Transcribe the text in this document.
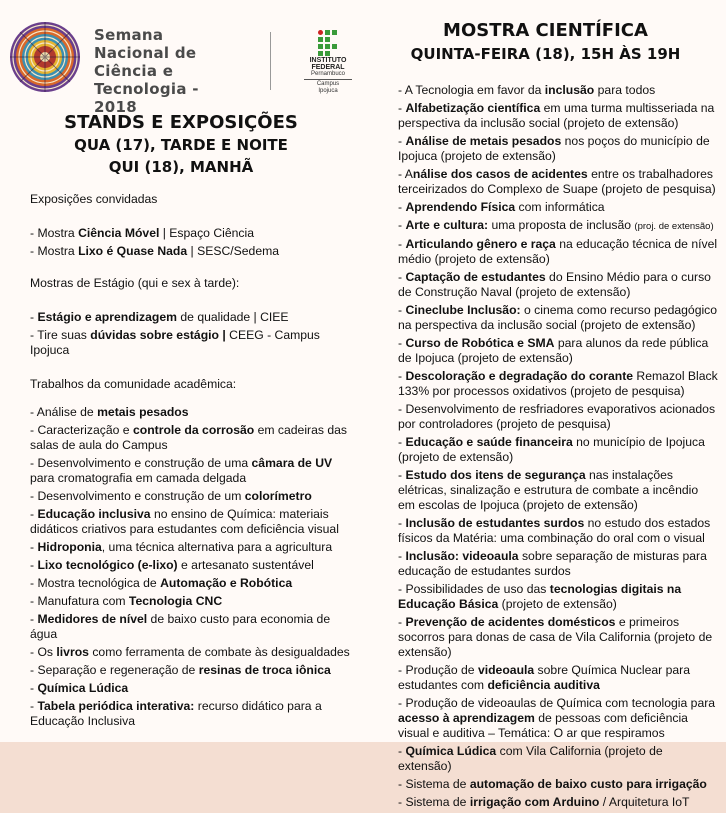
Semana
Nacional de
Ciência e
Tecnologia - 2018
INSTITUTO
FEDERAL
Pernambuco
Campus
Ipojuca
STANDS E EXPOSIÇÕES
QUA (17), TARDE E NOITE
QUI (18), MANHÃ
Exposições convidadas
- Mostra Ciência Móvel | Espaço Ciência
- Mostra Lixo é Quase Nada | SESC/Sedema
Mostras de Estágio (qui e sex à tarde):
- Estágio e aprendizagem de qualidade | CIEE
- Tire suas dúvidas sobre estágio | CEEG - Campus Ipojuca
Trabalhos da comunidade acadêmica:
- Análise de metais pesados
- Caracterização e controle da corrosão em cadeiras das salas de aula do Campus
- Desenvolvimento e construção de uma câmara de UV para cromatografia em camada delgada
- Desenvolvimento e construção de um colorímetro
- Educação inclusiva no ensino de Química: materiais didáticos criativos para estudantes com deficiência visual
- Hidroponia, uma técnica alternativa para a agricultura
- Lixo tecnológico (e-lixo) e artesanato sustentável
- Mostra tecnológica de Automação e Robótica
- Manufatura com Tecnologia CNC
- Medidores de nível de baixo custo para economia de água
- Os livros como ferramenta de combate às desigualdades
- Separação e regeneração de resinas de troca iônica
- Química Lúdica
- Tabela periódica interativa: recurso didático para a Educação Inclusiva
MOSTRA CIENTÍFICA
QUINTA-FEIRA (18), 15H ÀS 19H
- A Tecnologia em favor da inclusão para todos
- Alfabetização científica em uma turma multisseriada na perspectiva da inclusão social (projeto de extensão)
- Análise de metais pesados nos poços do município de Ipojuca (projeto de extensão)
- Análise dos casos de acidentes entre os trabalhadores terceirizados do Complexo de Suape (projeto de pesquisa)
- Aprendendo Física com informática
- Arte e cultura: uma proposta de inclusão (proj. de extensão)
- Articulando gênero e raça na educação técnica de nível médio (projeto de extensão)
- Captação de estudantes do Ensino Médio para o curso de Construção Naval (projeto de extensão)
- Cineclube Inclusão: o cinema como recurso pedagógico na perspectiva da inclusão social (projeto de extensão)
- Curso de Robótica e SMA para alunos da rede pública de Ipojuca (projeto de extensão)
- Descoloração e degradação do corante Remazol Black 133% por processos oxidativos (projeto de pesquisa)
- Desenvolvimento de resfriadores evaporativos acionados por controladores (projeto de pesquisa)
- Educação e saúde financeira no município de Ipojuca (projeto de extensão)
- Estudo dos itens de segurança nas instalações elétricas, sinalização e estrutura de combate a incêndio em escolas de Ipojuca (projeto de extensão)
- Inclusão de estudantes surdos no estudo dos estados físicos da Matéria: uma combinação do oral com o visual
- Inclusão: videoaula sobre separação de misturas para educação de estudantes surdos
- Possibilidades de uso das tecnologias digitais na Educação Básica (projeto de extensão)
- Prevenção de acidentes domésticos e primeiros socorros para donas de casa de Vila California (projeto de extensão)
- Produção de videoaula sobre Química Nuclear para estudantes com deficiência auditiva
- Produção de videoaulas de Química com tecnologia para acesso à aprendizagem de pessoas com deficiência visual e auditiva – Temática: O ar que respiramos
- Química Lúdica com Vila California (projeto de extensão)
- Sistema de automação de baixo custo para irrigação
- Sistema de irrigação com Arduino / Arquitetura IoT
